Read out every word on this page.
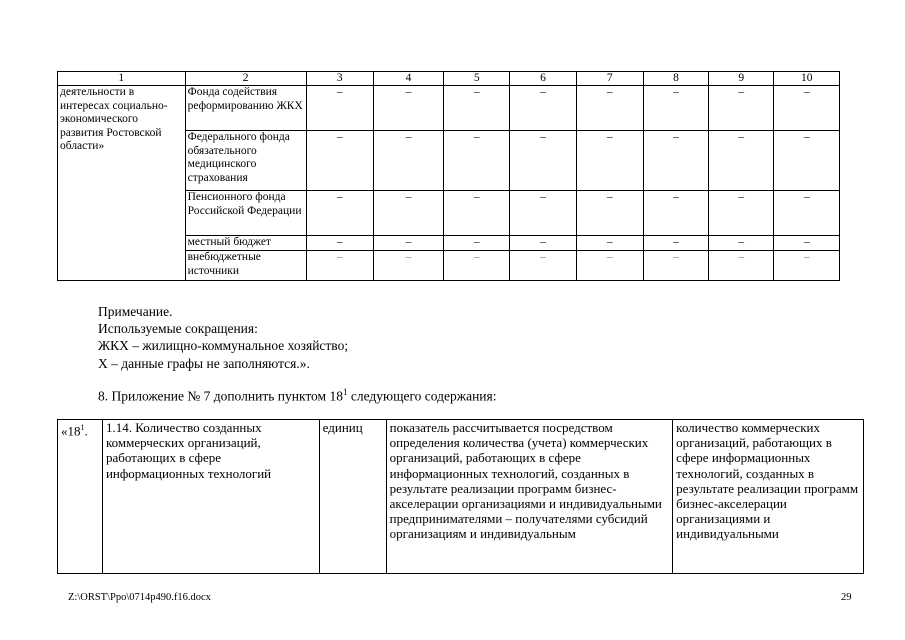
1	2	3	4	5	6	7	8	9	10
деятельности в интересах социально-экономического развития Ростовской области»	Фонда содействия реформированию ЖКХ	–	–	–	–	–	–	–	–
	Федерального фонда обязательного медицинского страхования	–	–	–	–	–	–	–	–
	Пенсионного фонда Российской Федерации	–	–	–	–	–	–	–	–
	местный бюджет	–	–	–	–	–	–	–	–
	внебюджетные источники	–	–	–	–	–	–	–	–
Примечание.
Используемые сокращения:
ЖКХ – жилищно-коммунальное хозяйство;
Х – данные графы не заполняются.».
8. Приложение № 7 дополнить пунктом $18^1$ следующего содержания:
«$18^1$.	1.14. Количество созданных коммерческих организаций, работающих в сфере информационных технологий	единиц	показатель рассчитывается посредством определения количества (учета) коммерческих организаций, работающих в сфере информационных технологий, созданных в результате реализации программ бизнес-акселерации организациями и индивидуальными предпринимателями – получателями субсидий организациям и индивидуальным	количество коммерческих организаций, работающих в сфере информационных технологий, созданных в результате реализации программ бизнес-акселерации организациями и индивидуальными
Z:\ORST\Ppo\0714p490.f16.docx	29
